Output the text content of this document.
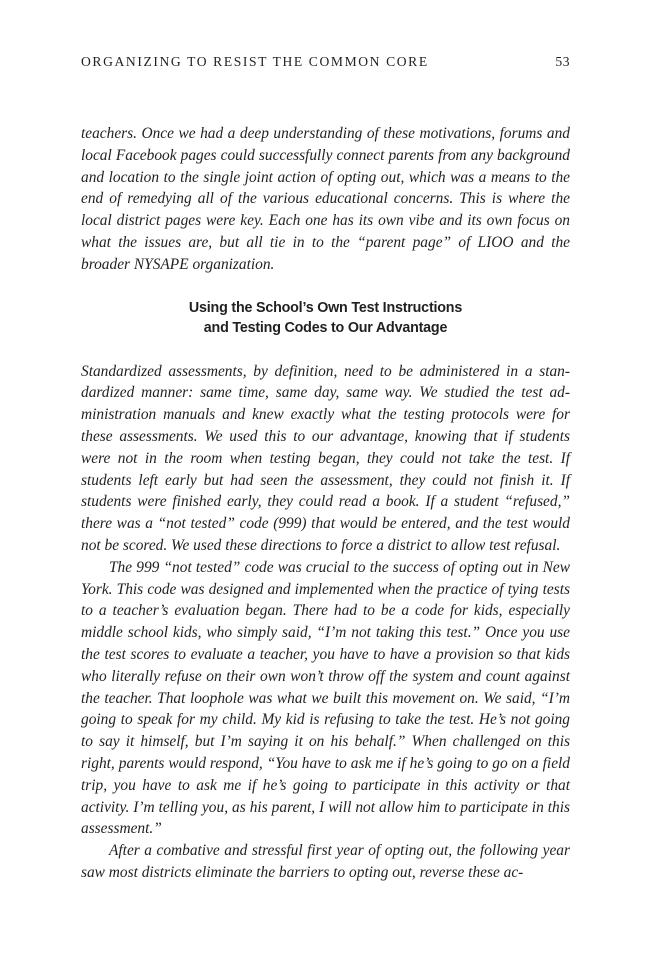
ORGANIZING TO RESIST THE COMMON CORE	53

teachers. Once we had a deep understanding of these motivations, forums and local Facebook pages could successfully connect parents from any background and location to the single joint action of opting out, which was a means to the end of remedying all of the various educational concerns. This is where the local district pages were key. Each one has its own vibe and its own focus on what the issues are, but all tie in to the “parent page” of LIOO and the broader NYSAPE organization.

Using the School’s Own Test Instructions
and Testing Codes to Our Advantage

Standardized assessments, by definition, need to be administered in a standardized manner: same time, same day, same way. We studied the test administration manuals and knew exactly what the testing protocols were for these assessments. We used this to our advantage, knowing that if students were not in the room when testing began, they could not take the test. If students left early but had seen the assessment, they could not finish it. If students were finished early, they could read a book. If a student “refused,” there was a “not tested” code (999) that would be entered, and the test would not be scored. We used these directions to force a district to allow test refusal.

The 999 “not tested” code was crucial to the success of opting out in New York. This code was designed and implemented when the practice of tying tests to a teacher’s evaluation began. There had to be a code for kids, especially middle school kids, who simply said, “I’m not taking this test.” Once you use the test scores to evaluate a teacher, you have to have a provision so that kids who literally refuse on their own won’t throw off the system and count against the teacher. That loophole was what we built this movement on. We said, “I’m going to speak for my child. My kid is refusing to take the test. He’s not going to say it himself, but I’m saying it on his behalf.” When challenged on this right, parents would respond, “You have to ask me if he’s going to go on a field trip, you have to ask me if he’s going to participate in this activity or that activity. I’m telling you, as his parent, I will not allow him to participate in this assessment.”

After a combative and stressful first year of opting out, the following year saw most districts eliminate the barriers to opting out, reverse these ac-
